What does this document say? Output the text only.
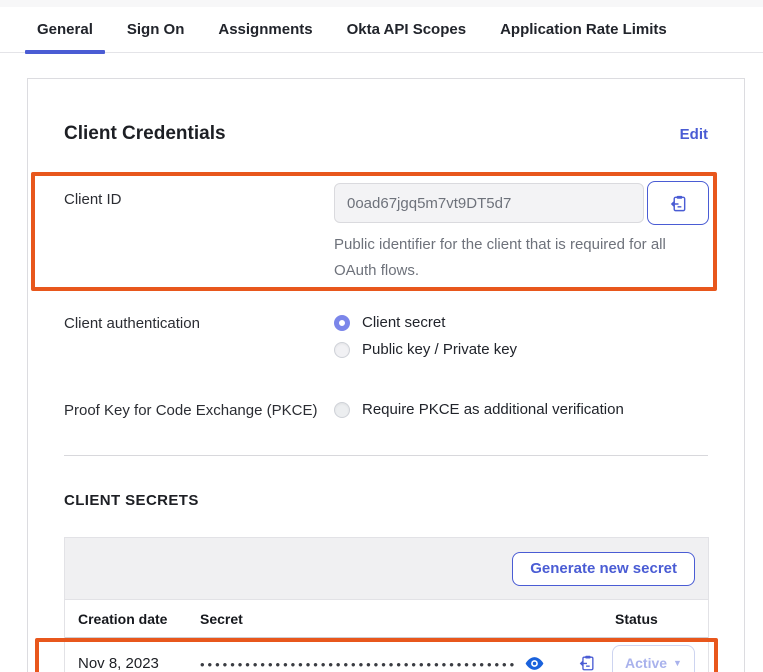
General	Sign On	Assignments	Okta API Scopes	Application Rate Limits
Client Credentials	Edit
Client ID	0oad67jgq5m7vt9DT5d7
Public identifier for the client that is required for all OAuth flows.
Client authentication	Client secret
Public key / Private key
Proof Key for Code Exchange (PKCE)	Require PKCE as additional verification
CLIENT SECRETS
Generate new secret
Creation date	Secret	Status
Nov 8, 2023	••••••••••••••••••••••••••••••••••••••••••	Active ▼
